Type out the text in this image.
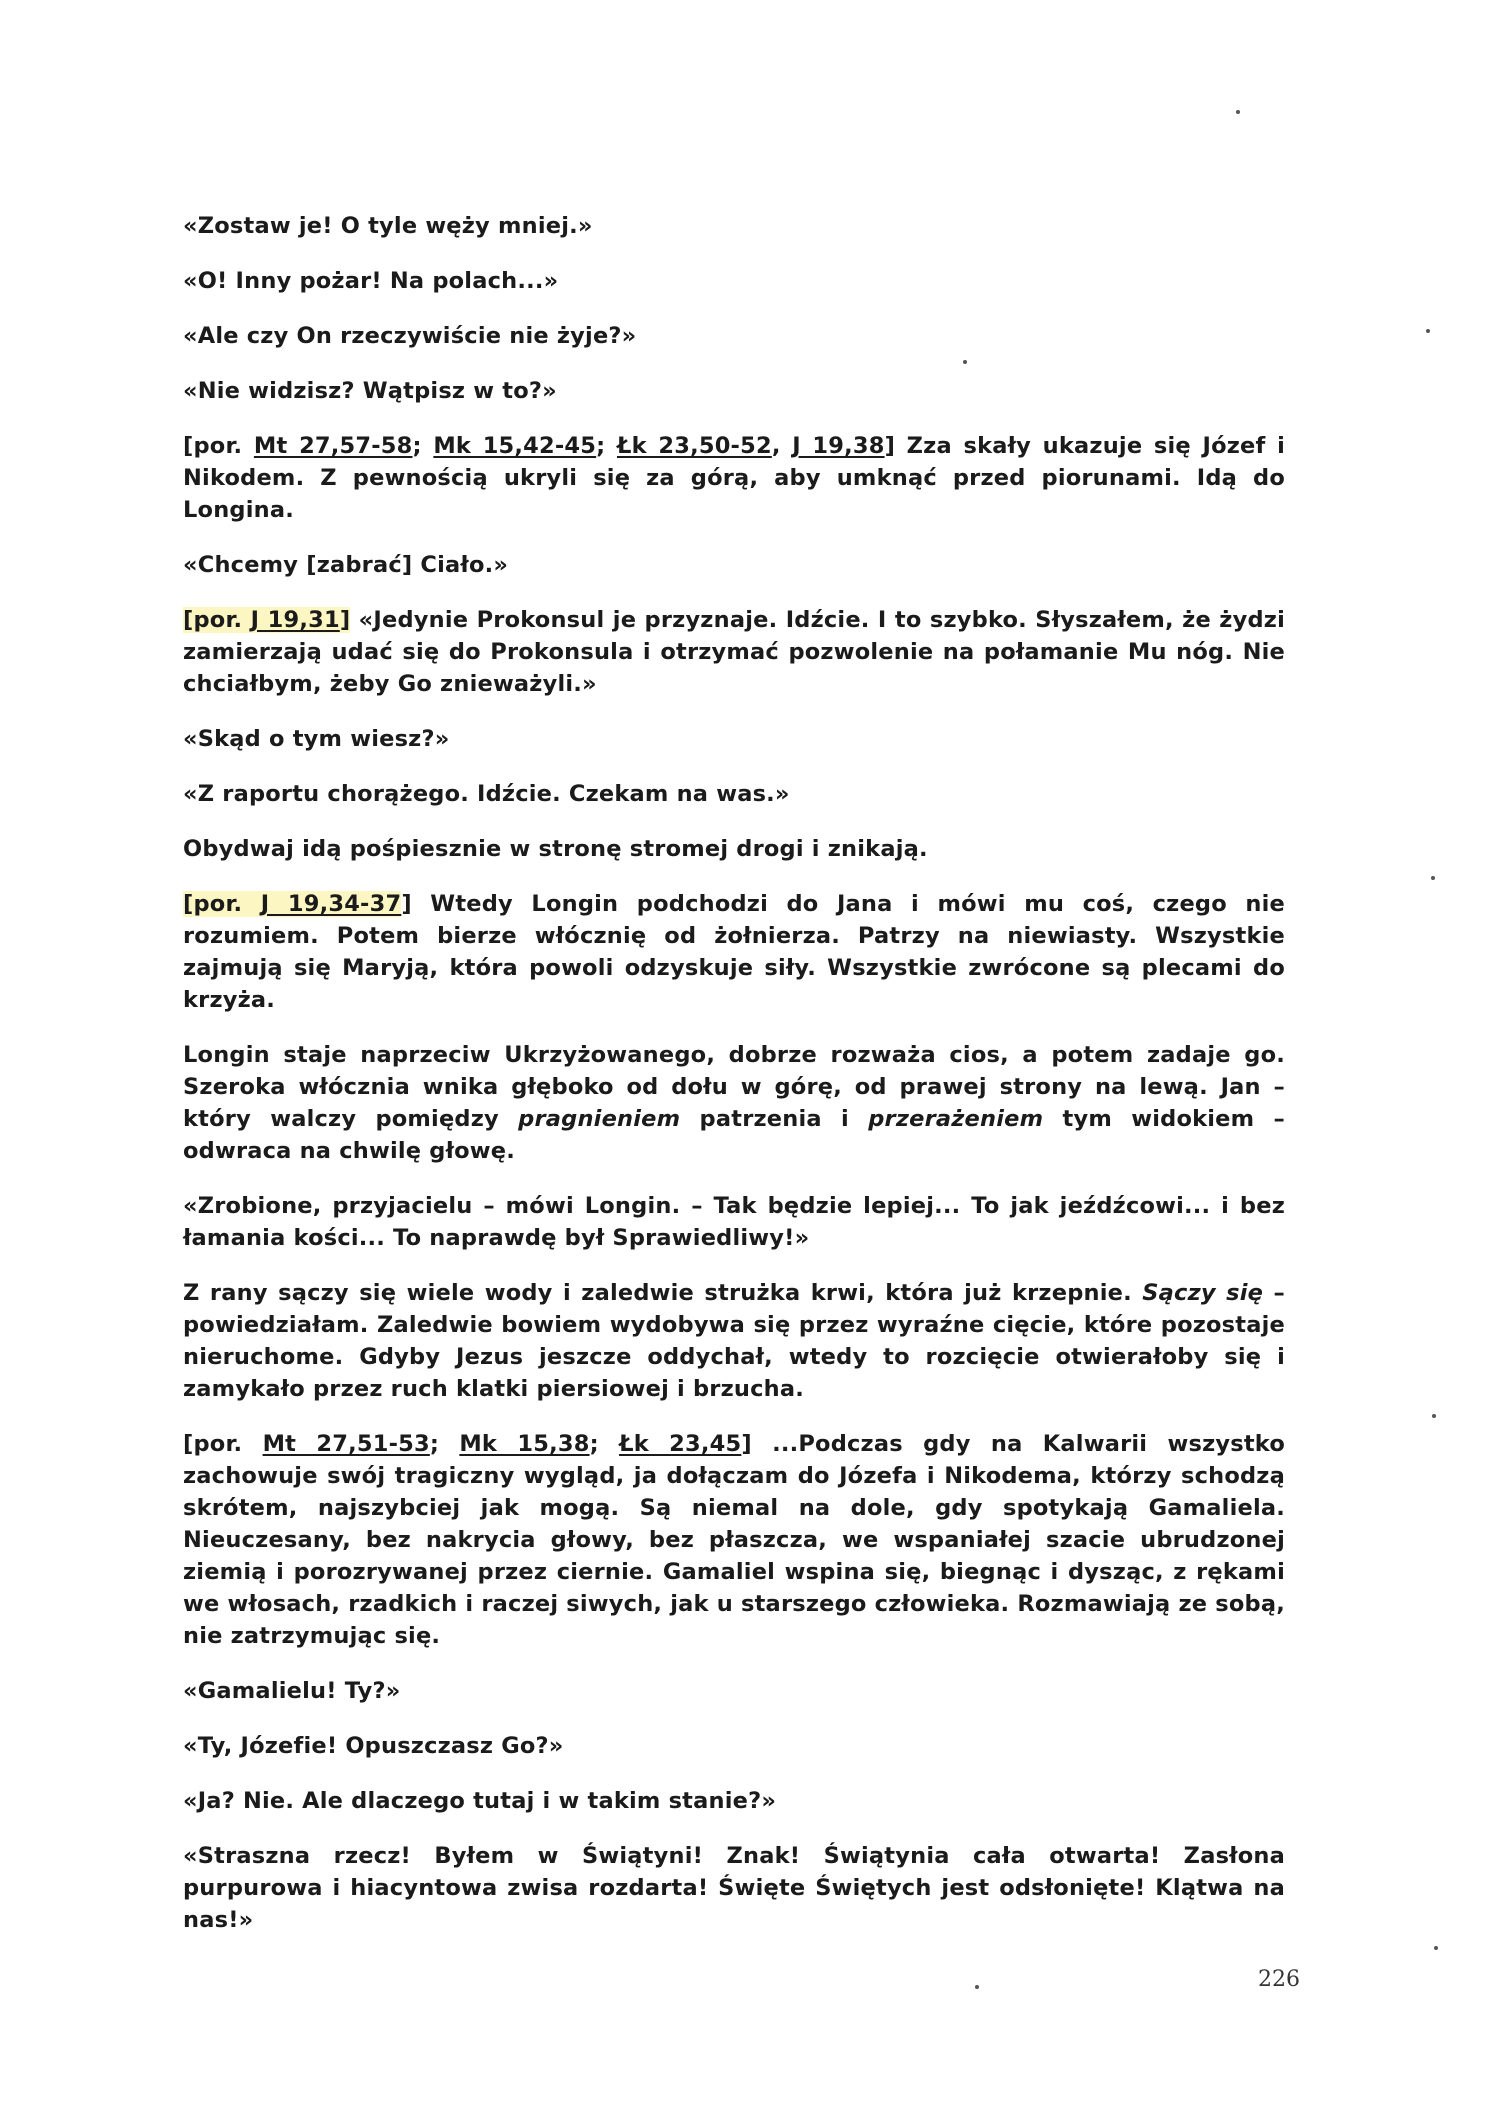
«Zostaw je! O tyle węży mniej.»

«O! Inny pożar! Na polach...»

«Ale czy On rzeczywiście nie żyje?»

«Nie widzisz? Wątpisz w to?»

[por. Mt 27,57-58; Mk 15,42-45; Łk 23,50-52, J 19,38] Zza skały ukazuje się Józef i Nikodem. Z pewnością ukryli się za górą, aby umknąć przed piorunami. Idą do Longina.

«Chcemy [zabrać] Ciało.»

[por. J 19,31] «Jedynie Prokonsul je przyznaje. Idźcie. I to szybko. Słyszałem, że żydzi zamierzają udać się do Prokonsula i otrzymać pozwolenie na połamanie Mu nóg. Nie chciałbym, żeby Go znieważyli.»

«Skąd o tym wiesz?»

«Z raportu chorążego. Idźcie. Czekam na was.»

Obydwaj idą pośpiesznie w stronę stromej drogi i znikają.

[por. J 19,34-37] Wtedy Longin podchodzi do Jana i mówi mu coś, czego nie rozumiem. Potem bierze włócznię od żołnierza. Patrzy na niewiasty. Wszystkie zajmują się Maryją, która powoli odzyskuje siły. Wszystkie zwrócone są plecami do krzyża.

Longin staje naprzeciw Ukrzyżowanego, dobrze rozważa cios, a potem zadaje go. Szeroka włócznia wnika głęboko od dołu w górę, od prawej strony na lewą. Jan – który walczy pomiędzy pragnieniem patrzenia i przerażeniem tym widokiem – odwraca na chwilę głowę.

«Zrobione, przyjacielu – mówi Longin. – Tak będzie lepiej... To jak jeźdźcowi... i bez łamania kości... To naprawdę był Sprawiedliwy!»

Z rany sączy się wiele wody i zaledwie strużka krwi, która już krzepnie. Sączy się – powiedziałam. Zaledwie bowiem wydobywa się przez wyraźne cięcie, które pozostaje nieruchome. Gdyby Jezus jeszcze oddychał, wtedy to rozcięcie otwierałoby się i zamykało przez ruch klatki piersiowej i brzucha.

[por. Mt 27,51-53; Mk 15,38; Łk 23,45] ...Podczas gdy na Kalwarii wszystko zachowuje swój tragiczny wygląd, ja dołączam do Józefa i Nikodema, którzy schodzą skrótem, najszybciej jak mogą. Są niemal na dole, gdy spotykają Gamaliela. Nieuczesany, bez nakrycia głowy, bez płaszcza, we wspaniałej szacie ubrudzonej ziemią i porozrywanej przez ciernie. Gamaliel wspina się, biegnąc i dysząc, z rękami we włosach, rzadkich i raczej siwych, jak u starszego człowieka. Rozmawiają ze sobą, nie zatrzymując się.

«Gamalielu! Ty?»

«Ty, Józefie! Opuszczasz Go?»

«Ja? Nie. Ale dlaczego tutaj i w takim stanie?»

«Straszna rzecz! Byłem w Świątyni! Znak! Świątynia cała otwarta! Zasłona purpurowa i hiacyntowa zwisa rozdarta! Święte Świętych jest odsłonięte! Klątwa na nas!»

226
